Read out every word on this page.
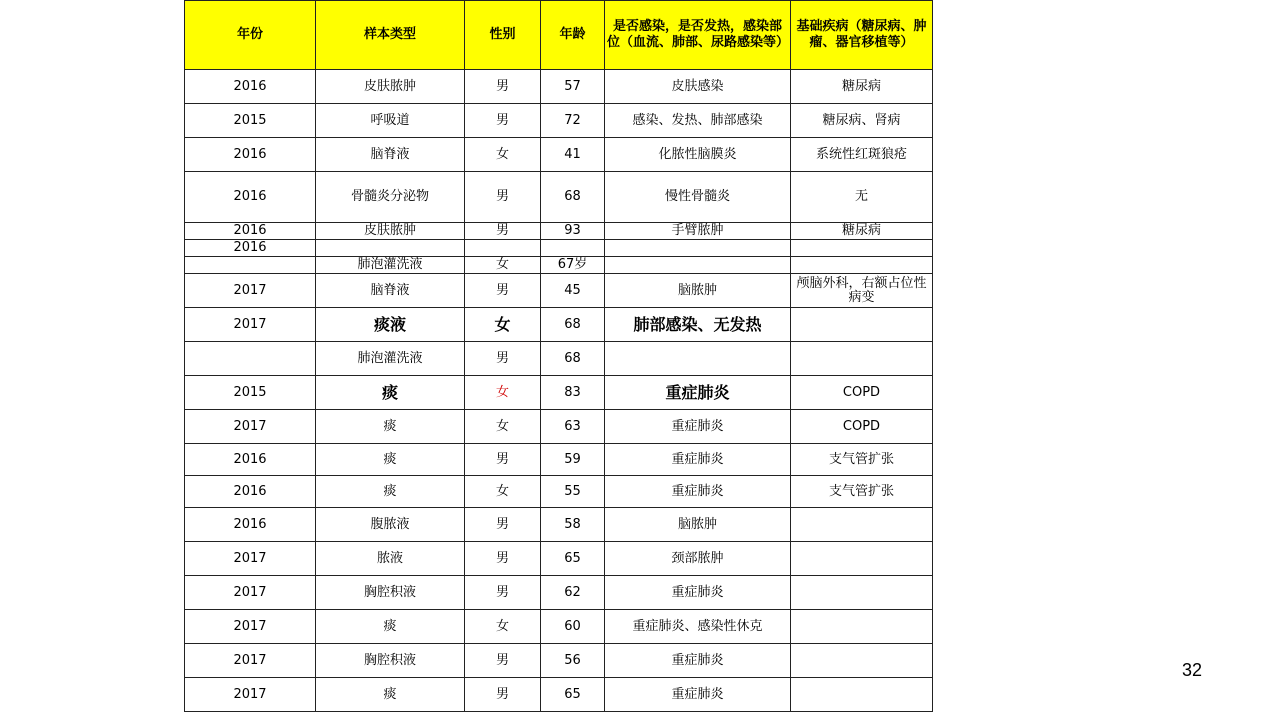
年份	样本类型	性别	年龄	是否感染，是否发热，感染部位（血流、肺部、尿路感染等）	基础疾病（糖尿病、肿瘤、器官移植等）
2016	皮肤脓肿	男	57	皮肤感染	糖尿病
2015	呼吸道	男	72	感染、发热、肺部感染	糖尿病、肾病
2016	脑脊液	女	41	化脓性脑膜炎	系统性红斑狼疮
2016	骨髓炎分泌物	男	68	慢性骨髓炎	无
2016	皮肤脓肿	男	93	手臂脓肿	糖尿病
2016					
	肺泡灌洗液	女	67岁		
2017	脑脊液	男	45	脑脓肿	颅脑外科，右额占位性病变
2017	痰液	女	68	肺部感染、无发热	
	肺泡灌洗液	男	68		
2015	痰	女	83	重症肺炎	COPD
2017	痰	女	63	重症肺炎	COPD
2016	痰	男	59	重症肺炎	支气管扩张
2016	痰	女	55	重症肺炎	支气管扩张
2016	腹脓液	男	58	脑脓肿	
2017	脓液	男	65	颈部脓肿	
2017	胸腔积液	男	62	重症肺炎	
2017	痰	女	60	重症肺炎、感染性休克	
2017	胸腔积液	男	56	重症肺炎	
2017	痰	男	65	重症肺炎	
32
